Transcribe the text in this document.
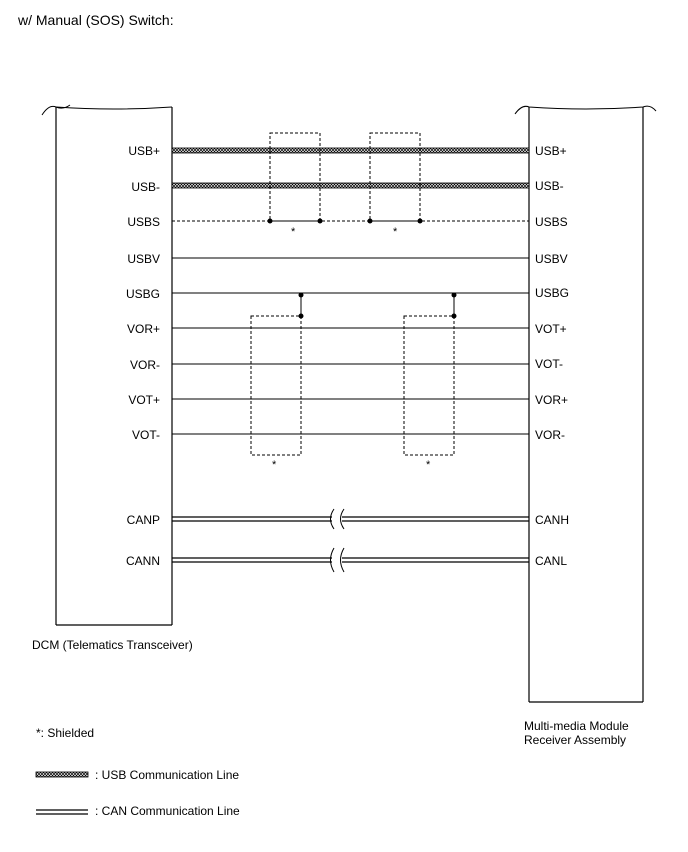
w/ Manual (SOS) Switch:
DCM (Telematics Transceiver)
Multi-media Module
Receiver Assembly
*	*
*	*
USB+
USB-
USBS
USBV
USBG
VOR+
VOR-
VOT+
VOT-
CANP
CANN
USB+
USB-
USBS
USBV
USBG
VOT+
VOT-
VOR+
VOR-
CANH
CANL
*: Shielded
: USB Communication Line
: CAN Communication Line
